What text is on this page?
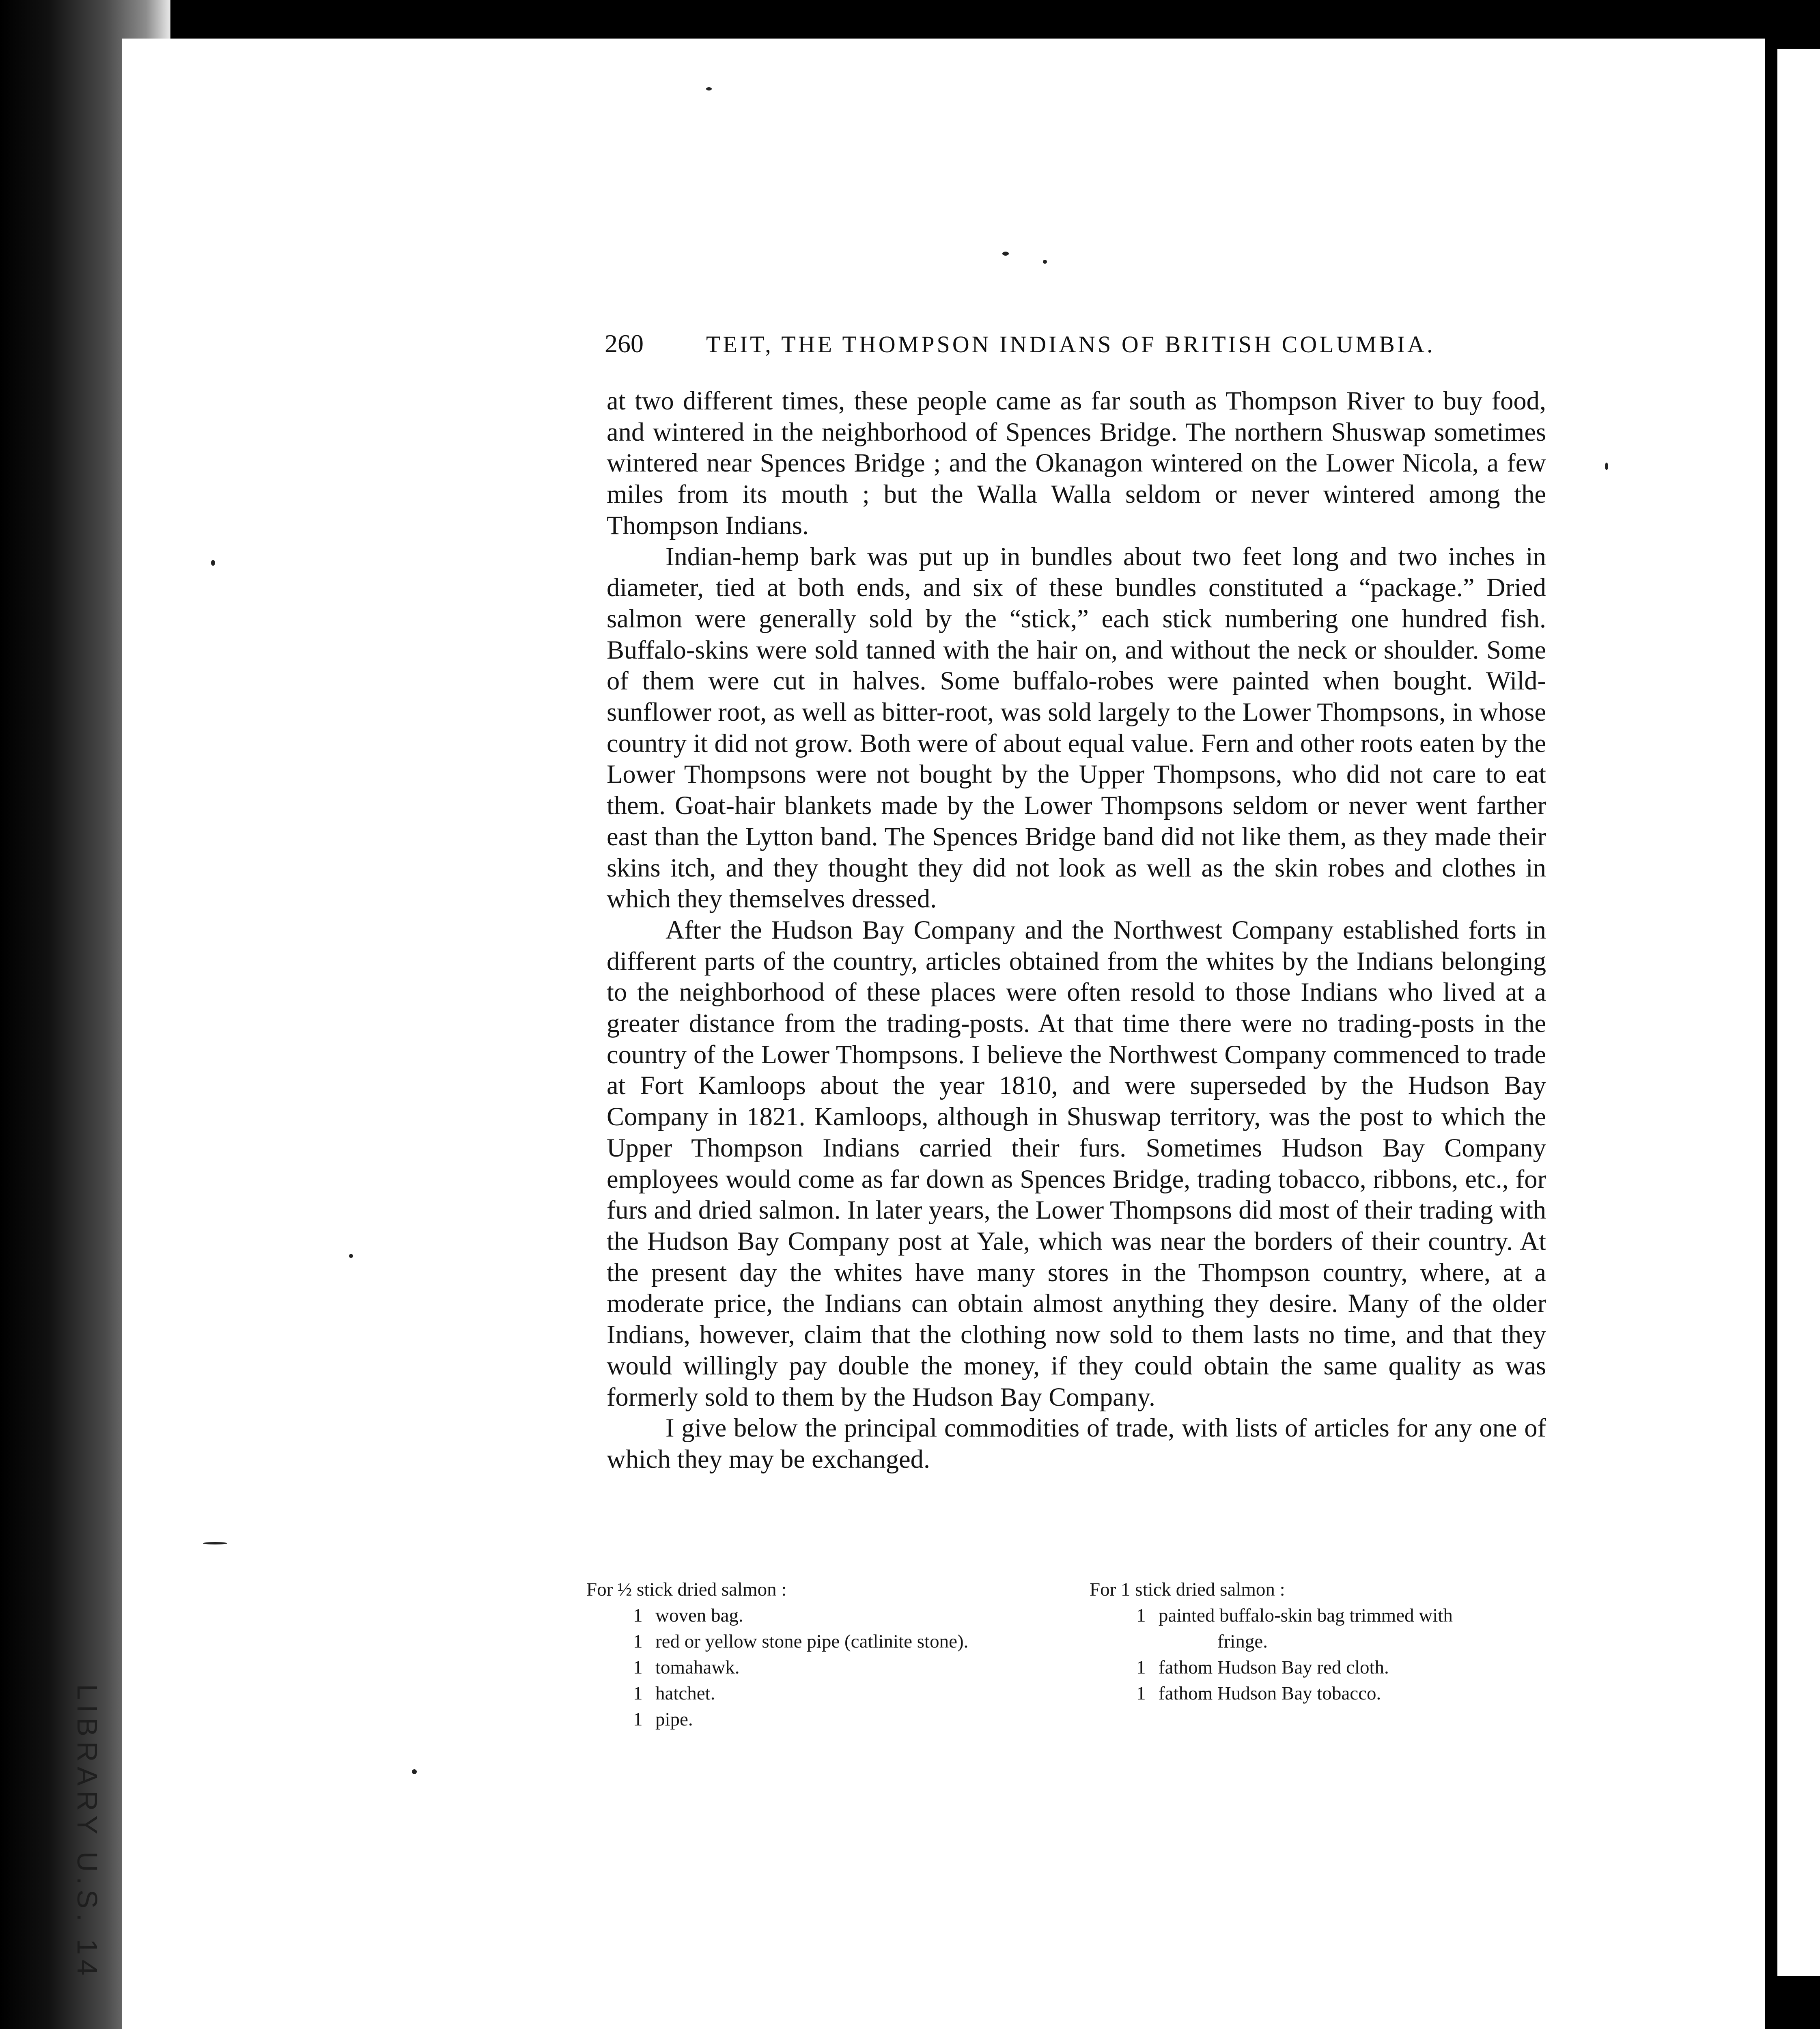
LIBRARY U.S. 14
260	TEIT, THE THOMPSON INDIANS OF BRITISH COLUMBIA.

at two different times, these people came as far south as Thompson River to buy food, and wintered in the neighborhood of Spences Bridge. The northern Shuswap sometimes wintered near Spences Bridge ; and the Okanagon wintered on the Lower Nicola, a few miles from its mouth ; but the Walla Walla seldom or never wintered among the Thompson Indians.

Indian-hemp bark was put up in bundles about two feet long and two inches in diameter, tied at both ends, and six of these bundles constituted a “package.” Dried salmon were generally sold by the “stick,” each stick numbering one hundred fish. Buffalo-skins were sold tanned with the hair on, and without the neck or shoulder. Some of them were cut in halves. Some buffalo-robes were painted when bought. Wild-sunflower root, as well as bitter-root, was sold largely to the Lower Thompsons, in whose country it did not grow. Both were of about equal value. Fern and other roots eaten by the Lower Thompsons were not bought by the Upper Thompsons, who did not care to eat them. Goat-hair blankets made by the Lower Thompsons seldom or never went farther east than the Lytton band. The Spences Bridge band did not like them, as they made their skins itch, and they thought they did not look as well as the skin robes and clothes in which they themselves dressed.

After the Hudson Bay Company and the Northwest Company established forts in different parts of the country, articles obtained from the whites by the Indians belonging to the neighborhood of these places were often resold to those Indians who lived at a greater distance from the trading-posts. At that time there were no trading-posts in the country of the Lower Thompsons. I believe the Northwest Company commenced to trade at Fort Kamloops about the year 1810, and were superseded by the Hudson Bay Company in 1821. Kamloops, although in Shuswap territory, was the post to which the Upper Thompson Indians carried their furs. Sometimes Hudson Bay Company employees would come as far down as Spences Bridge, trading tobacco, ribbons, etc., for furs and dried salmon. In later years, the Lower Thompsons did most of their trading with the Hudson Bay Company post at Yale, which was near the borders of their country. At the present day the whites have many stores in the Thompson country, where, at a moderate price, the Indians can obtain almost anything they desire. Many of the older Indians, however, claim that the clothing now sold to them lasts no time, and that they would willingly pay double the money, if they could obtain the same quality as was formerly sold to them by the Hudson Bay Company.

I give below the principal commodities of trade, with lists of articles for any one of which they may be exchanged.

For ½ stick dried salmon :

1 woven bag.
1 red or yellow stone pipe (catlinite stone).
1 tomahawk.
1 hatchet.
1 pipe.

For 1 stick dried salmon :

1 painted buffalo-skin bag trimmed with
fringe.
1 fathom Hudson Bay red cloth.
1 fathom Hudson Bay tobacco.
